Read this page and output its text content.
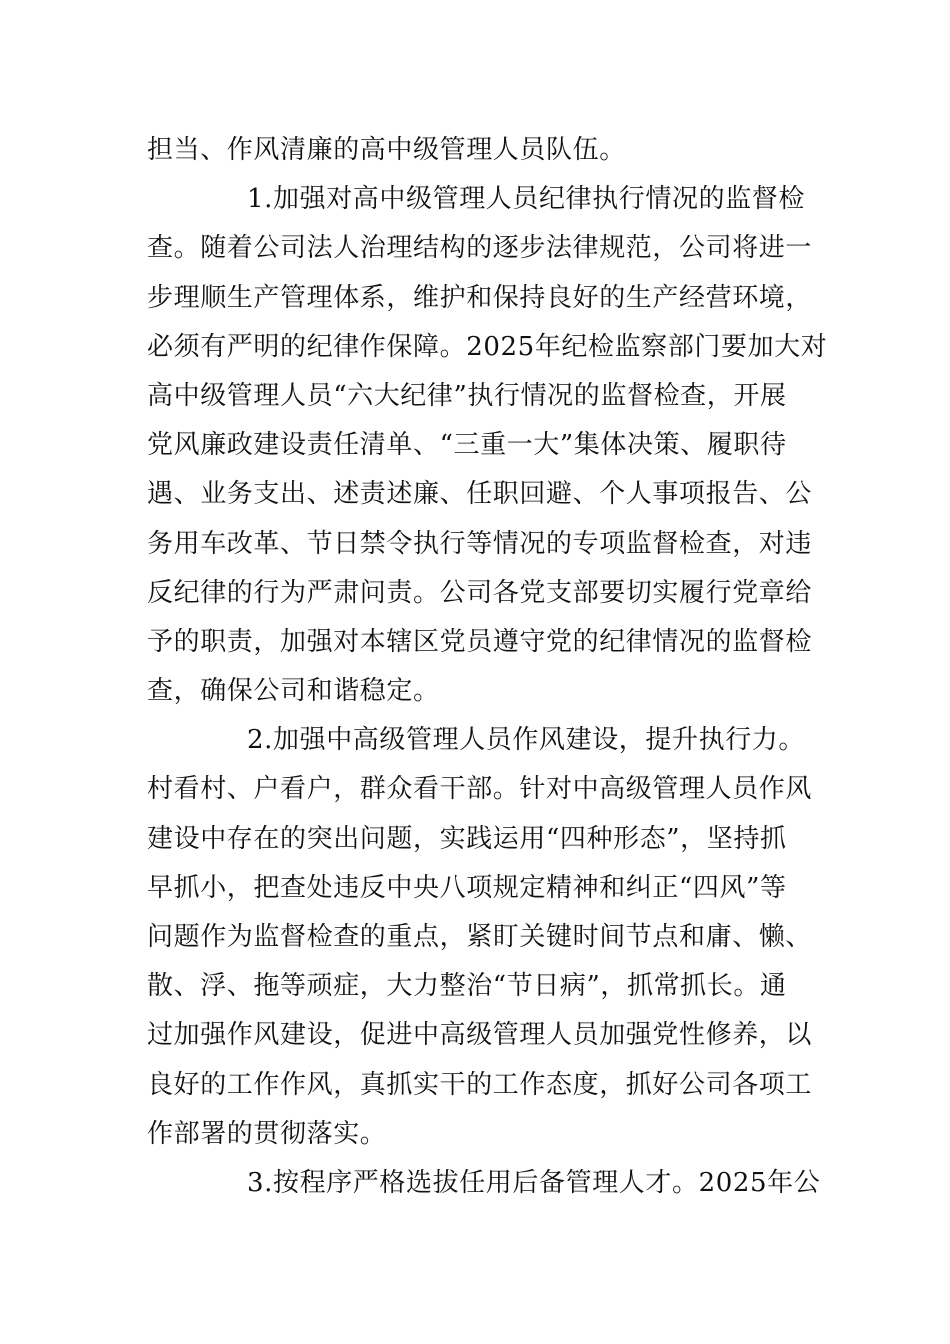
担当、作风清廉的高中级管理人员队伍。
1.加强对高中级管理人员纪律执行情况的监督检
查。随着公司法人治理结构的逐步法律规范，公司将进一
步理顺生产管理体系，维护和保持良好的生产经营环境，
必须有严明的纪律作保障。2025年纪检监察部门要加大对
高中级管理人员“六大纪律”执行情况的监督检查，开展
党风廉政建设责任清单、“三重一大”集体决策、履职待
遇、业务支出、述责述廉、任职回避、个人事项报告、公
务用车改革、节日禁令执行等情况的专项监督检查，对违
反纪律的行为严肃问责。公司各党支部要切实履行党章给
予的职责，加强对本辖区党员遵守党的纪律情况的监督检
查，确保公司和谐稳定。
2.加强中高级管理人员作风建设，提升执行力。
村看村、户看户，群众看干部。针对中高级管理人员作风
建设中存在的突出问题，实践运用“四种形态”，坚持抓
早抓小，把查处违反中央八项规定精神和纠正“四风”等
问题作为监督检查的重点，紧盯关键时间节点和庸、懒、
散、浮、拖等顽症，大力整治“节日病”，抓常抓长。通
过加强作风建设，促进中高级管理人员加强党性修养，以
良好的工作作风，真抓实干的工作态度，抓好公司各项工
作部署的贯彻落实。
3.按程序严格选拔任用后备管理人才。2025年公
